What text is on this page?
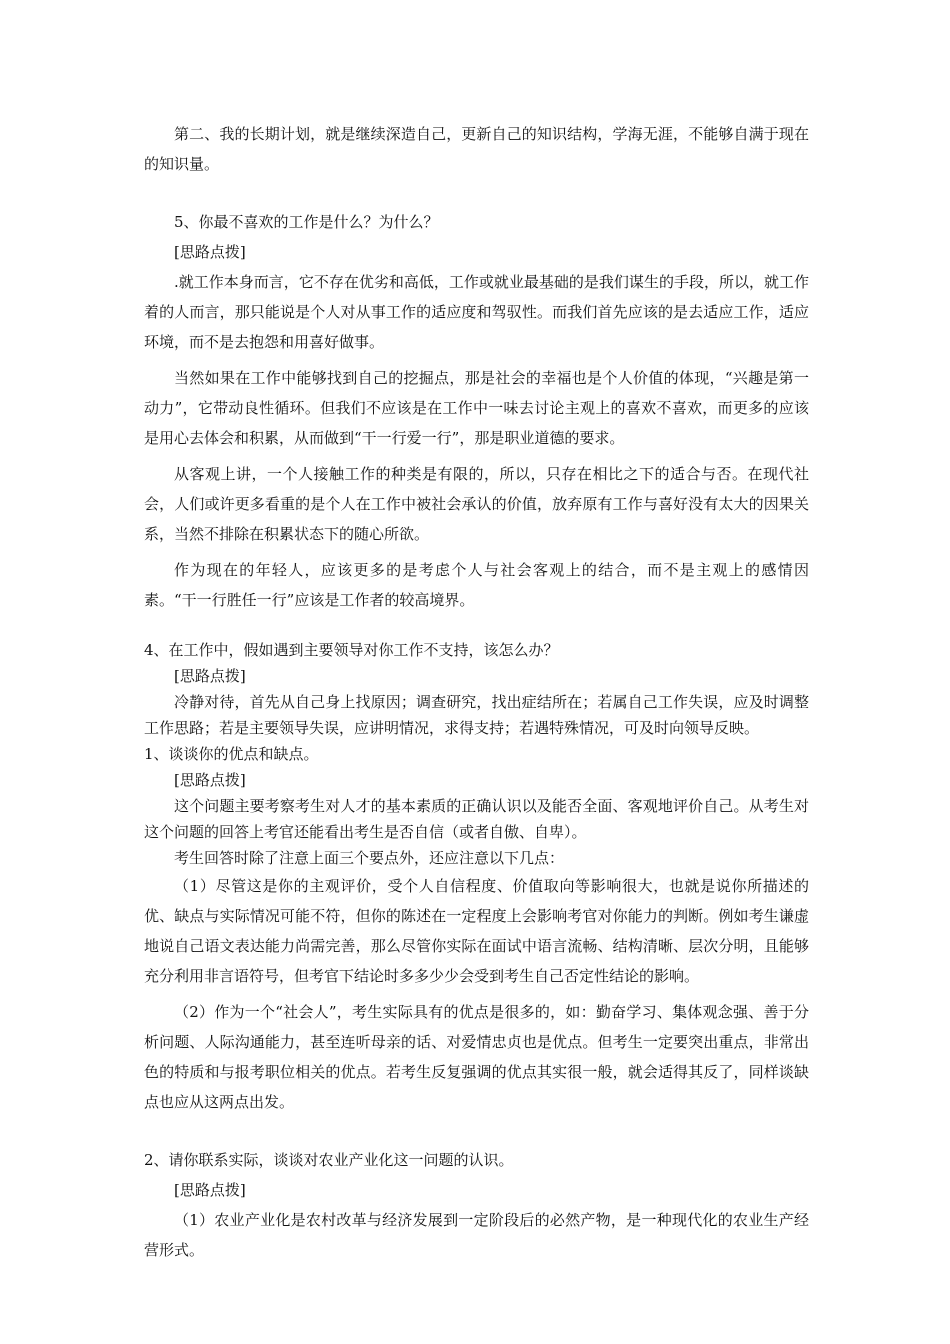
第二、我的长期计划，就是继续深造自己，更新自己的知识结构，学海无涯，不能够自满于现在的知识量。

5、你最不喜欢的工作是什么？为什么？

[思路点拨]

.就工作本身而言，它不存在优劣和高低，工作或就业最基础的是我们谋生的手段，所以，就工作着的人而言，那只能说是个人对从事工作的适应度和驾驭性。而我们首先应该的是去适应工作，适应环境，而不是去抱怨和用喜好做事。

当然如果在工作中能够找到自己的挖掘点，那是社会的幸福也是个人价值的体现，“兴趣是第一动力”，它带动良性循环。但我们不应该是在工作中一味去讨论主观上的喜欢不喜欢，而更多的应该是用心去体会和积累，从而做到“干一行爱一行”，那是职业道德的要求。

从客观上讲，一个人接触工作的种类是有限的，所以，只存在相比之下的适合与否。在现代社会，人们或许更多看重的是个人在工作中被社会承认的价值，放弃原有工作与喜好没有太大的因果关系，当然不排除在积累状态下的随心所欲。

作为现在的年轻人，应该更多的是考虑个人与社会客观上的结合，而不是主观上的感情因素。“干一行胜任一行”应该是工作者的较高境界。

4、在工作中，假如遇到主要领导对你工作不支持，该怎么办？

[思路点拨]

冷静对待，首先从自己身上找原因；调查研究，找出症结所在；若属自己工作失误，应及时调整工作思路；若是主要领导失误，应讲明情况，求得支持；若遇特殊情况，可及时向领导反映。

1、谈谈你的优点和缺点。

[思路点拨]

这个问题主要考察考生对人才的基本素质的正确认识以及能否全面、客观地评价自己。从考生对这个问题的回答上考官还能看出考生是否自信（或者自傲、自卑）。

考生回答时除了注意上面三个要点外，还应注意以下几点：

（1）尽管这是你的主观评价，受个人自信程度、价值取向等影响很大，也就是说你所描述的优、缺点与实际情况可能不符，但你的陈述在一定程度上会影响考官对你能力的判断。例如考生谦虚地说自己语文表达能力尚需完善，那么尽管你实际在面试中语言流畅、结构清晰、层次分明，且能够充分利用非言语符号，但考官下结论时多多少少会受到考生自己否定性结论的影响。

（2）作为一个“社会人”，考生实际具有的优点是很多的，如：勤奋学习、集体观念强、善于分析问题、人际沟通能力，甚至连听母亲的话、对爱情忠贞也是优点。但考生一定要突出重点，非常出色的特质和与报考职位相关的优点。若考生反复强调的优点其实很一般，就会适得其反了，同样谈缺点也应从这两点出发。

2、请你联系实际，谈谈对农业产业化这一问题的认识。

[思路点拨]

（1）农业产业化是农村改革与经济发展到一定阶段后的必然产物，是一种现代化的农业生产经营形式。
